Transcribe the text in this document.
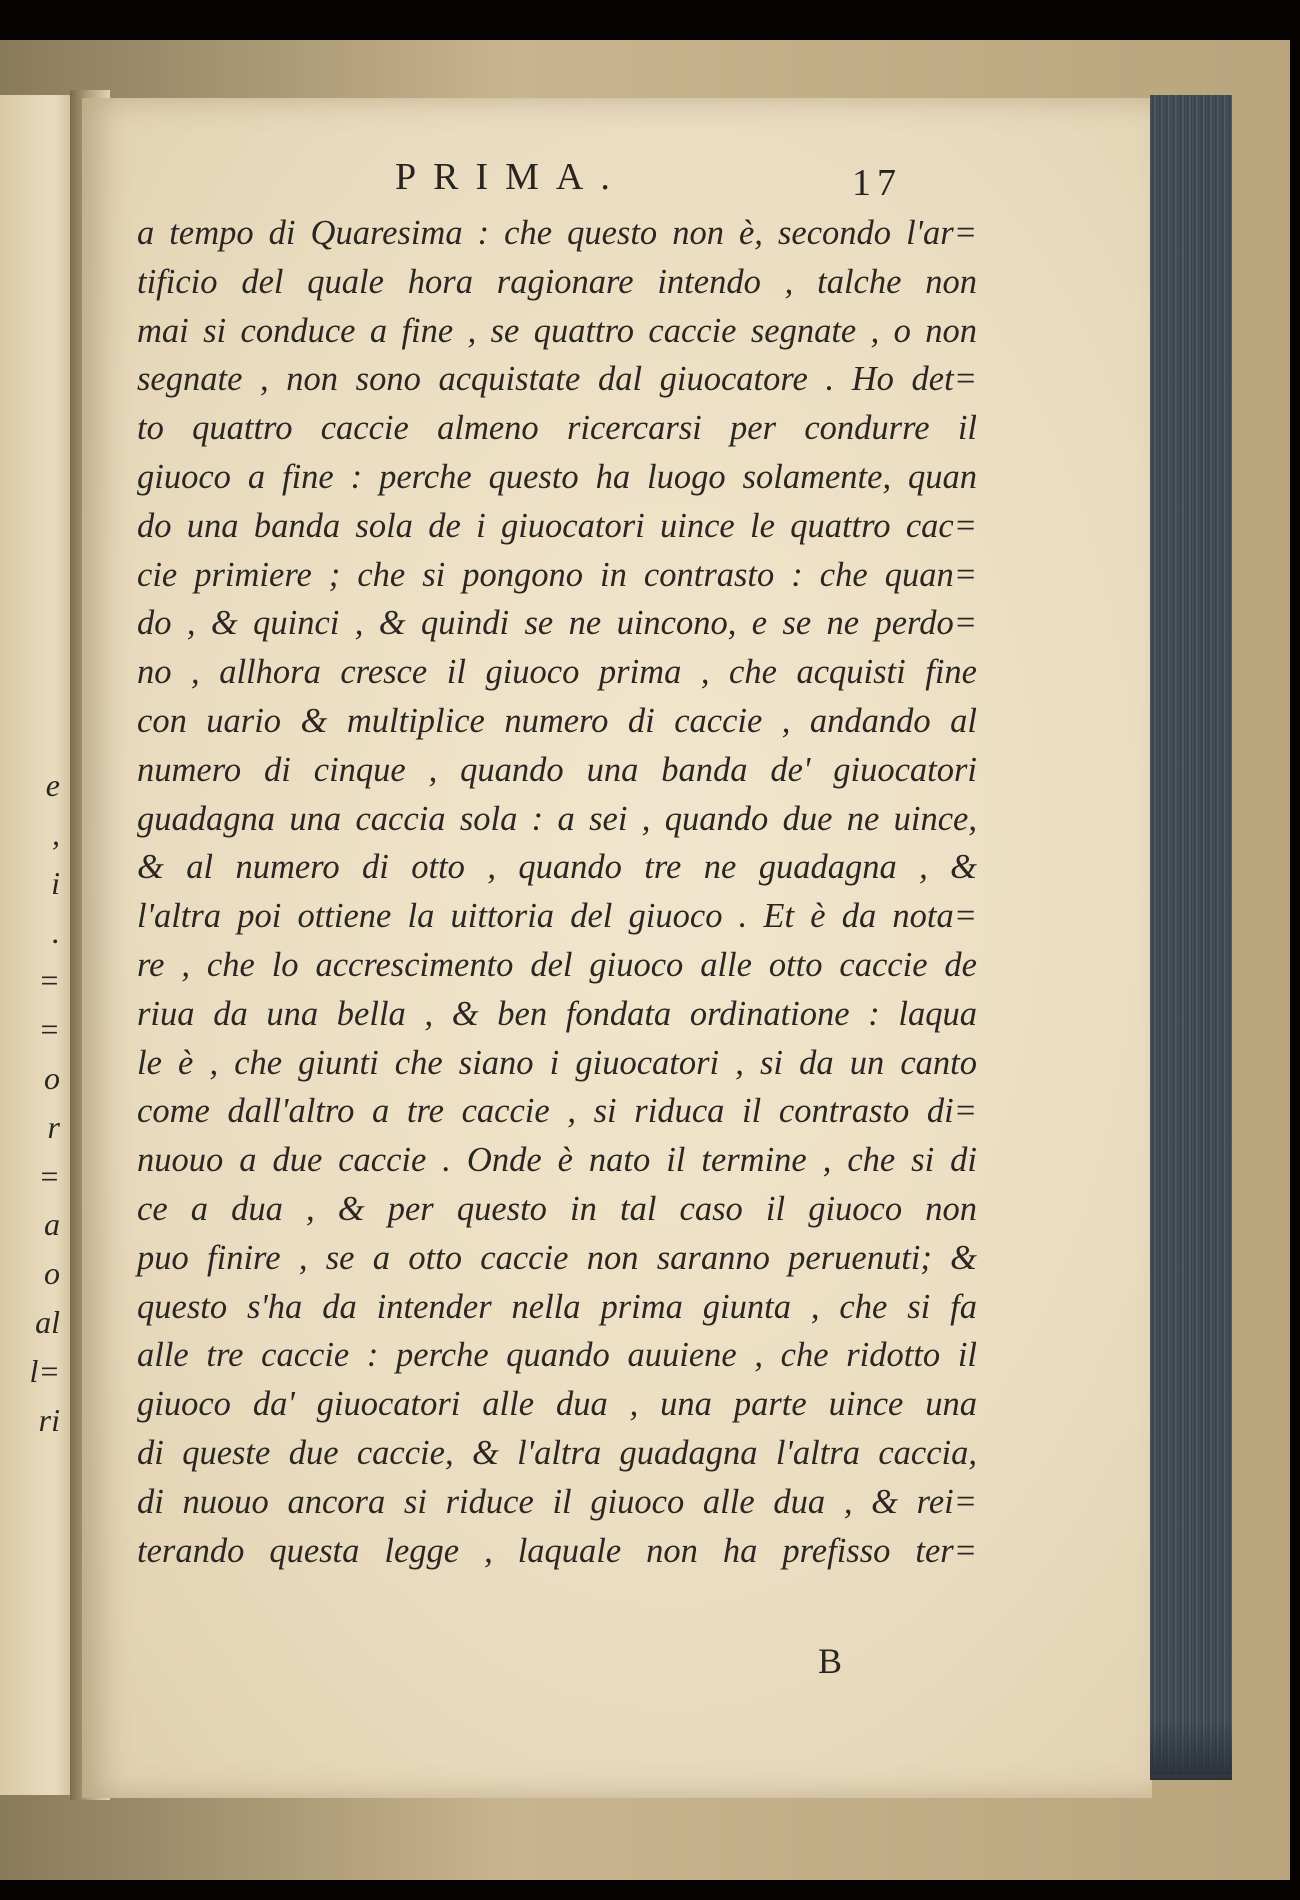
e
,
i
.
=
=
o
r
=
a
o
al
l=
ri
PRIMA.	17
a tempo di Quaresima : che questo non è, secondo l'ar=
tificio del quale hora ragionare intendo , talche non
mai si conduce a fine , se quattro caccie segnate , o non
segnate , non sono acquistate dal giuocatore . Ho det=
to quattro caccie almeno ricercarsi per condurre il
giuoco a fine : perche questo ha luogo solamente, quan
do una banda sola de i giuocatori uince le quattro cac=
cie primiere ; che si pongono in contrasto : che quan=
do , & quinci , & quindi se ne uincono, e se ne perdo=
no , allhora cresce il giuoco prima , che acquisti fine
con uario & multiplice numero di caccie , andando al
numero di cinque , quando una banda de' giuocatori
guadagna una caccia sola : a sei , quando due ne uince,
& al numero di otto , quando tre ne guadagna , &
l'altra poi ottiene la uittoria del giuoco . Et è da nota=
re , che lo accrescimento del giuoco alle otto caccie de
riua da una bella , & ben fondata ordinatione : laqua
le è , che giunti che siano i giuocatori , si da un canto
come dall'altro a tre caccie , si riduca il contrasto di=
nuouo a due caccie . Onde è nato il termine , che si di
ce a dua , & per questo in tal caso il giuoco non
puo finire , se a otto caccie non saranno peruenuti; &
questo s'ha da intender nella prima giunta , che si fa
alle tre caccie : perche quando auuiene , che ridotto il
giuoco da' giuocatori alle dua , una parte uince una
di queste due caccie, & l'altra guadagna l'altra caccia,
di nuouo ancora si riduce il giuoco alle dua , & rei=
terando questa legge , laquale non ha prefisso ter=
B
